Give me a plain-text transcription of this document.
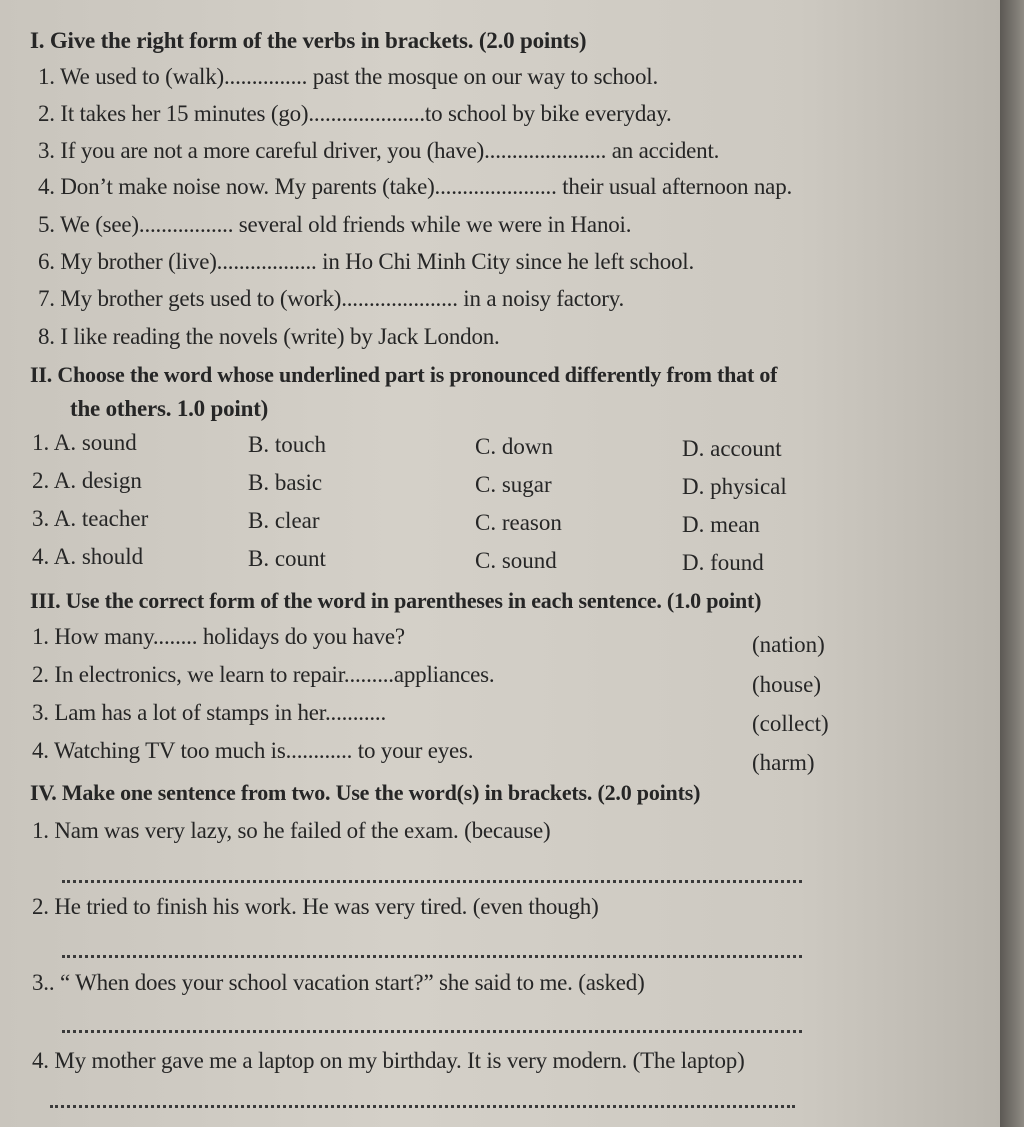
I. Give the right form of the verbs in brackets. (2.0 points)
1. We used to (walk)............... past the mosque on our way to school.
2. It takes her 15 minutes (go).....................to school by bike everyday.
3. If you are not a more careful driver, you (have)...................... an accident.
4. Don’t make noise now. My parents (take)...................... their usual afternoon nap.
5. We (see)................. several old friends while we were in Hanoi.
6. My brother (live).................. in Ho Chi Minh City since he left school.
7. My brother gets used to (work)..................... in a noisy factory.
8. I like reading the novels (write) by Jack London.
II. Choose the word whose underlined part is pronounced differently from that of
the others. 1.0 point)
1. A. sound	B. touch	C. down	D. account
2. A. design	B. basic	C. sugar	D. physical
3. A. teacher	B. clear	C. reason	D. mean
4. A. should	B. count	C. sound	D. found
III. Use the correct form of the word in parentheses in each sentence. (1.0 point)
1. How many........ holidays do you have?	(nation)
2. In electronics, we learn to repair.........appliances.	(house)
3. Lam has a lot of stamps in her...........	(collect)
4. Watching TV too much is............ to your eyes.	(harm)
IV. Make one sentence from two. Use the word(s) in brackets. (2.0 points)
1. Nam was very lazy, so he failed of the exam. (because)
2. He tried to finish his work. He was very tired. (even though)
3.. “ When does your school vacation start?” she said to me. (asked)
4. My mother gave me a laptop on my birthday. It is very modern. (The laptop)
